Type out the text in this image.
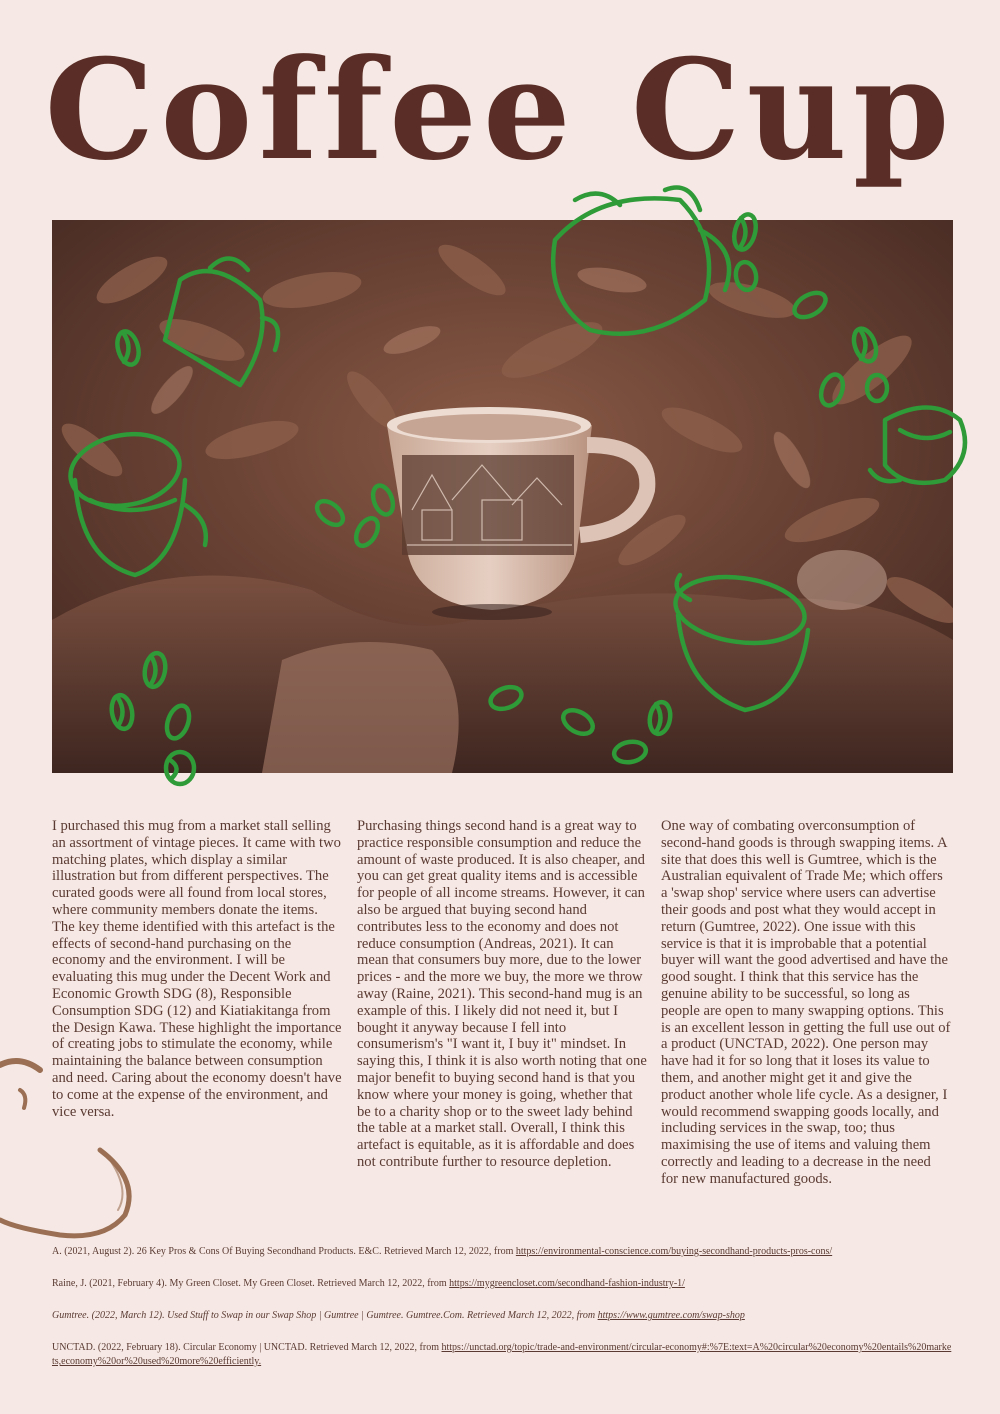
Coffee Cup
I purchased this mug from a market stall selling an assortment of vintage pieces. It came with two matching plates, which display a similar illustration but from different perspectives. The curated goods were all found from local stores, where community members donate the items. The key theme identified with this artefact is the effects of second-hand purchasing on the economy and the environment. I will be evaluating this mug under the Decent Work and Economic Growth SDG (8), Responsible Consumption SDG (12) and Kiatiakitanga from the Design Kawa. These highlight the importance of creating jobs to stimulate the economy, while maintaining the balance between consumption and need. Caring about the economy doesn't have to come at the expense of the environment, and vice versa.
Purchasing things second hand is a great way to practice responsible consumption and reduce the amount of waste produced. It is also cheaper, and you can get great quality items and is accessible for people of all income streams. However, it can also be argued that buying second hand contributes less to the economy and does not reduce consumption (Andreas, 2021). It can mean that consumers buy more, due to the lower prices - and the more we buy, the more we throw away (Raine, 2021). This second-hand mug is an example of this. I likely did not need it, but I bought it anyway because I fell into consumerism's "I want it, I buy it" mindset. In saying this, I think it is also worth noting that one major benefit to buying second hand is that you know where your money is going, whether that be to a charity shop or to the sweet lady behind the table at a market stall. Overall, I think this artefact is equitable, as it is affordable and does not contribute further to resource depletion.
One way of combating overconsumption of second-hand goods is through swapping items. A site that does this well is Gumtree, which is the Australian equivalent of Trade Me; which offers a 'swap shop' service where users can advertise their goods and post what they would accept in return (Gumtree, 2022). One issue with this service is that it is improbable that a potential buyer will want the good advertised and have the good sought. I think that this service has the genuine ability to be successful, so long as people are open to many swapping options. This is an excellent lesson in getting the full use out of a product (UNCTAD, 2022). One person may have had it for so long that it loses its value to them, and another might get it and give the product another whole life cycle. As a designer, I would recommend swapping goods locally, and including services in the swap, too; thus maximising the use of items and valuing them correctly and leading to a decrease in the need for new manufactured goods.
A. (2021, August 2). 26 Key Pros & Cons Of Buying Secondhand Products. E&C. Retrieved March 12, 2022, from https://environmental-conscience.com/buying-secondhand-products-pros-cons/
Raine, J. (2021, February 4). My Green Closet. My Green Closet. Retrieved March 12, 2022, from https://mygreencloset.com/secondhand-fashion-industry-1/
Gumtree. (2022, March 12). Used Stuff to Swap in our Swap Shop | Gumtree | Gumtree. Gumtree.Com. Retrieved March 12, 2022, from https://www.gumtree.com/swap-shop
UNCTAD. (2022, February 18). Circular Economy | UNCTAD. Retrieved March 12, 2022, from https://unctad.org/topic/trade-and-environment/circular-economy#:%7E:text=A%20circular%20economy%20entails%20markets,economy%20or%20used%20more%20efficiently.
